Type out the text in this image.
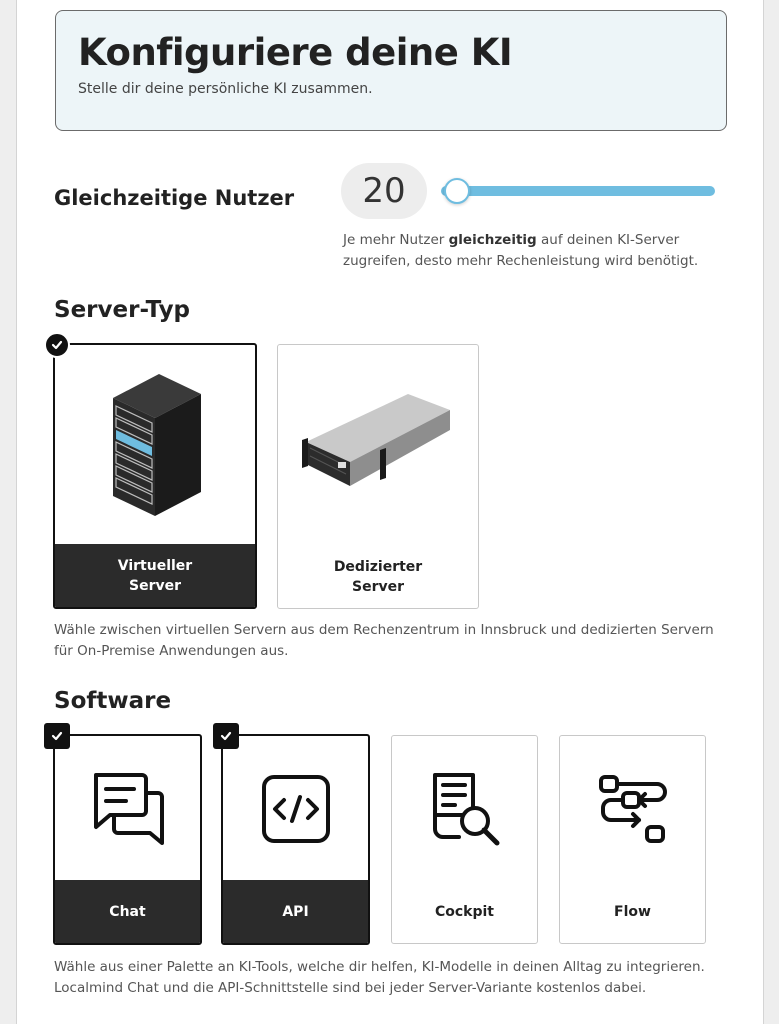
Konfiguriere deine KI
Stelle dir deine persönliche KI zusammen.
Gleichzeitige Nutzer	20
Je mehr Nutzer gleichzeitig auf deinen KI-Server zugreifen, desto mehr Rechenleistung wird benötigt.
Server-Typ
Virtueller
Server
Dedizierter
Server
Wähle zwischen virtuellen Servern aus dem Rechenzentrum in Innsbruck und dedizierten Servern für On-Premise Anwendungen aus.
Software
Chat	API	Cockpit	Flow
Wähle aus einer Palette an KI-Tools, welche dir helfen, KI-Modelle in deinen Alltag zu integrieren. Localmind Chat und die API-Schnittstelle sind bei jeder Server-Variante kostenlos dabei.
